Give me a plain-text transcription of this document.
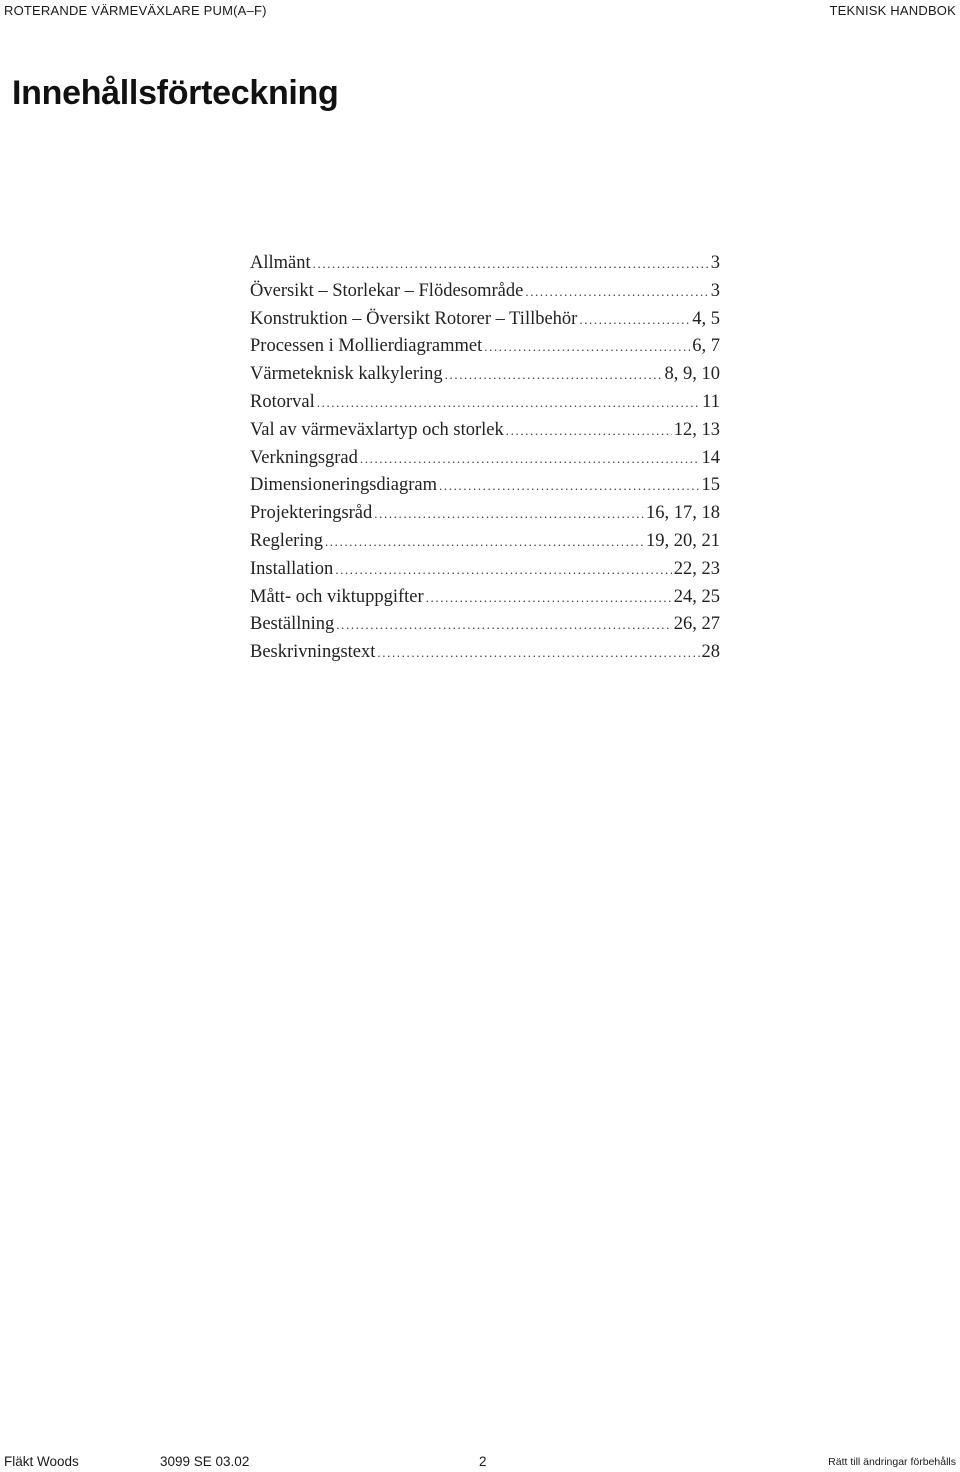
ROTERANDE VÄRMEVÄXLARE PUM(A–F)	TEKNISK HANDBOK
Innehållsförteckning
Allmänt .....	3
Översikt – Storlekar – Flödesområde .....	3
Konstruktion – Översikt Rotorer – Tillbehör .....	4, 5
Processen i Mollierdiagrammet .....	6, 7
Värmeteknisk kalkylering .....	8, 9, 10
Rotorval .....	11
Val av värmeväxlartyp och storlek .....	12, 13
Verkningsgrad .....	14
Dimensioneringsdiagram .....	15
Projekteringsråd .....	16, 17, 18
Reglering .....	19, 20, 21
Installation .....	22, 23
Mått- och viktuppgifter .....	24, 25
Beställning .....	26, 27
Beskrivningstext .....	28
Fläkt Woods	3099 SE 03.02	2	Rätt till ändringar förbehålls
